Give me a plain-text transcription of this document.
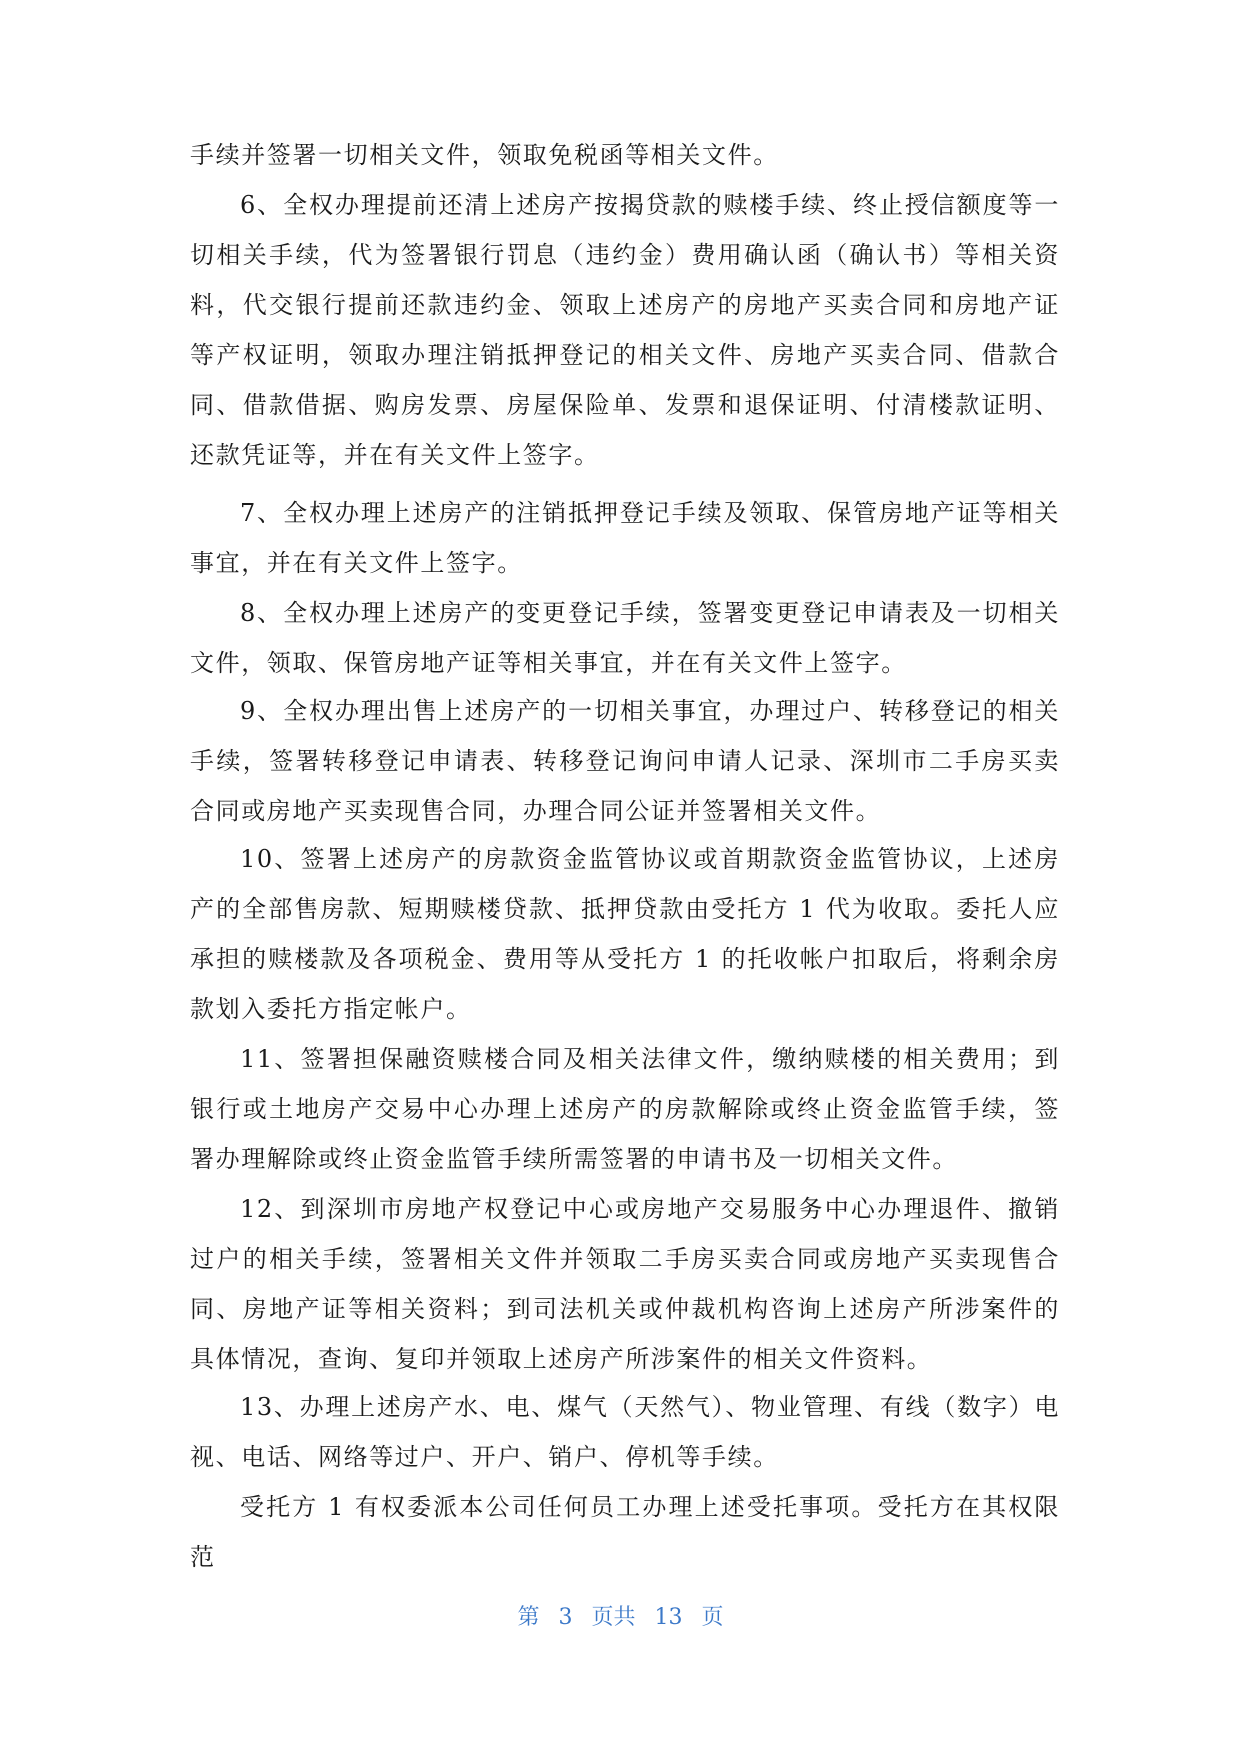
手续并签署一切相关文件，领取免税函等相关文件。

6、全权办理提前还清上述房产按揭贷款的赎楼手续、终止授信额度等一切相关手续，代为签署银行罚息（违约金）费用确认函（确认书）等相关资料，代交银行提前还款违约金、领取上述房产的房地产买卖合同和房地产证等产权证明，领取办理注销抵押登记的相关文件、房地产买卖合同、借款合同、借款借据、购房发票、房屋保险单、发票和退保证明、付清楼款证明、还款凭证等，并在有关文件上签字。

7、全权办理上述房产的注销抵押登记手续及领取、保管房地产证等相关事宜，并在有关文件上签字。

8、全权办理上述房产的变更登记手续，签署变更登记申请表及一切相关文件，领取、保管房地产证等相关事宜，并在有关文件上签字。

9、全权办理出售上述房产的一切相关事宜，办理过户、转移登记的相关手续，签署转移登记申请表、转移登记询问申请人记录、深圳市二手房买卖合同或房地产买卖现售合同，办理合同公证并签署相关文件。

10、签署上述房产的房款资金监管协议或首期款资金监管协议，上述房产的全部售房款、短期赎楼贷款、抵押贷款由受托方 1 代为收取。委托人应承担的赎楼款及各项税金、费用等从受托方 1 的托收帐户扣取后，将剩余房款划入委托方指定帐户。

11、签署担保融资赎楼合同及相关法律文件，缴纳赎楼的相关费用；到银行或土地房产交易中心办理上述房产的房款解除或终止资金监管手续，签署办理解除或终止资金监管手续所需签署的申请书及一切相关文件。

12、到深圳市房地产权登记中心或房地产交易服务中心办理退件、撤销过户的相关手续，签署相关文件并领取二手房买卖合同或房地产买卖现售合同、房地产证等相关资料；到司法机关或仲裁机构咨询上述房产所涉案件的具体情况，查询、复印并领取上述房产所涉案件的相关文件资料。

13、办理上述房产水、电、煤气（天然气）、物业管理、有线（数字）电视、电话、网络等过户、开户、销户、停机等手续。

受托方 1 有权委派本公司任何员工办理上述受托事项。受托方在其权限范

第 3 页共 13 页
